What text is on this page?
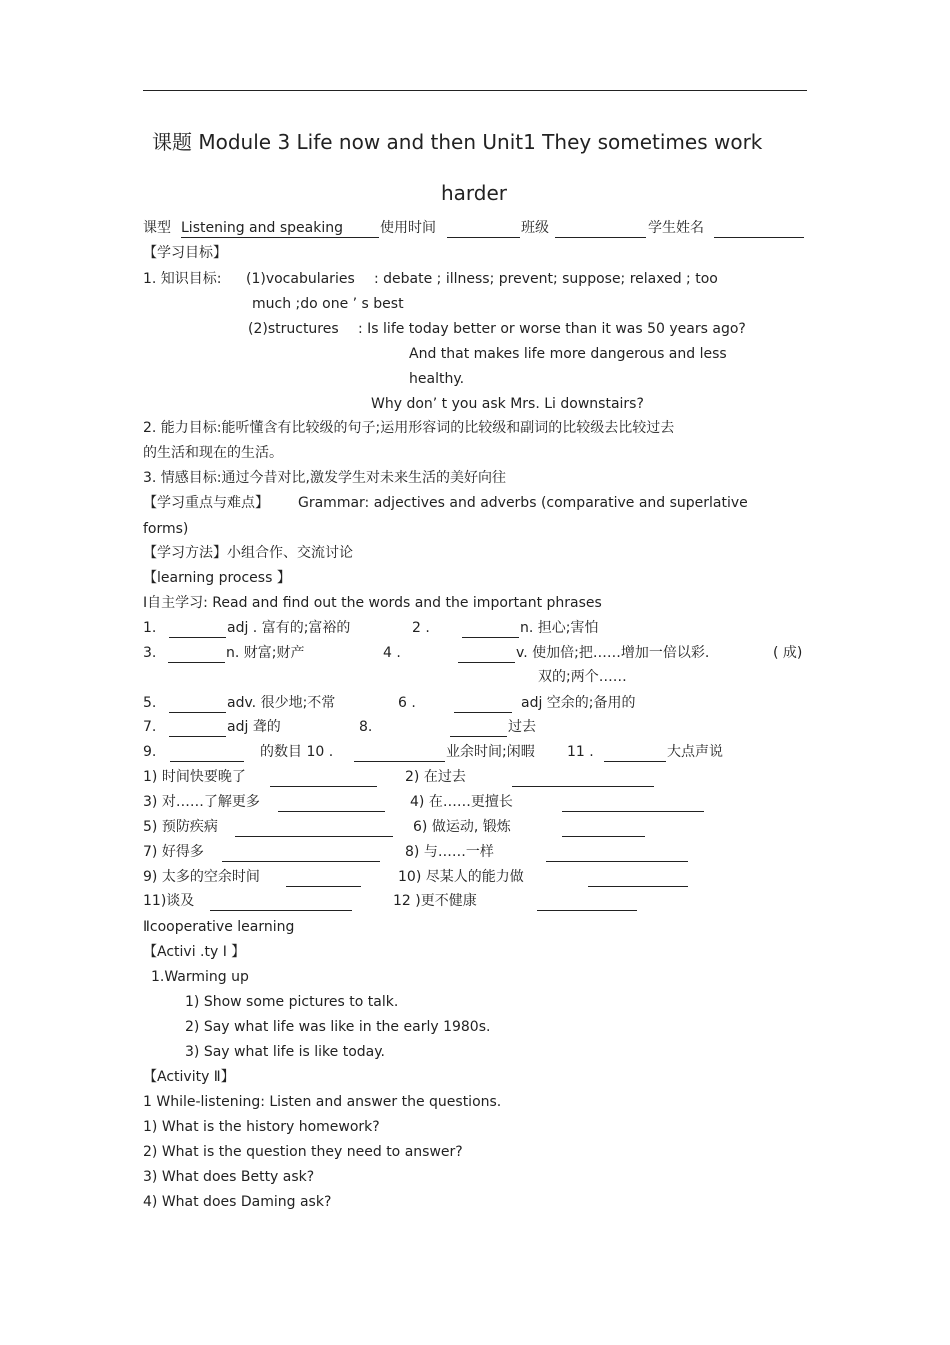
课题 Module 3 Life now and then Unit1 They sometimes work
harder
课型 Listening and speaking	使用时间	班级	学生姓名
【学习目标】
1. 知识目标: (1)vocabularies : debate ; illness; prevent; suppose; relaxed ; too
much ;do one ’ s best
(2)structures : Is life today better or worse than it was 50 years ago?
And that makes life more dangerous and less
healthy.
Why don’ t you ask Mrs. Li downstairs?
2. 能力目标:能听懂含有比较级的句子;运用形容词的比较级和副词的比较级去比较过去
的生活和现在的生活。
3. 情感目标:通过今昔对比,激发学生对未来生活的美好向往
【学习重点与难点】 Grammar: adjectives and adverbs (comparative and superlative
forms)
【学习方法】小组合作、交流讨论
【learning process 】
Ⅰ自主学习: Read and find out the words and the important phrases
1.	adj . 富有的;富裕的	2 .	n. 担心;害怕
3.	n. 财富;财产	4 .	v. 使加倍;把……增加一倍以彩.	( 成)
双的;两个……
5.	adv. 很少地;不常	6 .	adj 空余的;备用的
7.	adj 聋的	8.	过去
9.	的数目 10 .	业余时间;闲暇 11 .	大点声说
1) 时间快要晚了	2) 在过去
3) 对……了解更多	4) 在……更擅长
5) 预防疾病	6) 做运动, 锻炼
7) 好得多	8) 与……一样
9) 太多的空余时间	10) 尽某人的能力做
11)谈及	12 )更不健康
Ⅱcooperative learning
【Activi .ty I 】
1.Warming up
1) Show some pictures to talk.
2) Say what life was like in the early 1980s.
3) Say what life is like today.
【Activity Ⅱ】
1 While-listening: Listen and answer the questions.
1) What is the history homework?
2) What is the question they need to answer?
3) What does Betty ask?
4) What does Daming ask?
